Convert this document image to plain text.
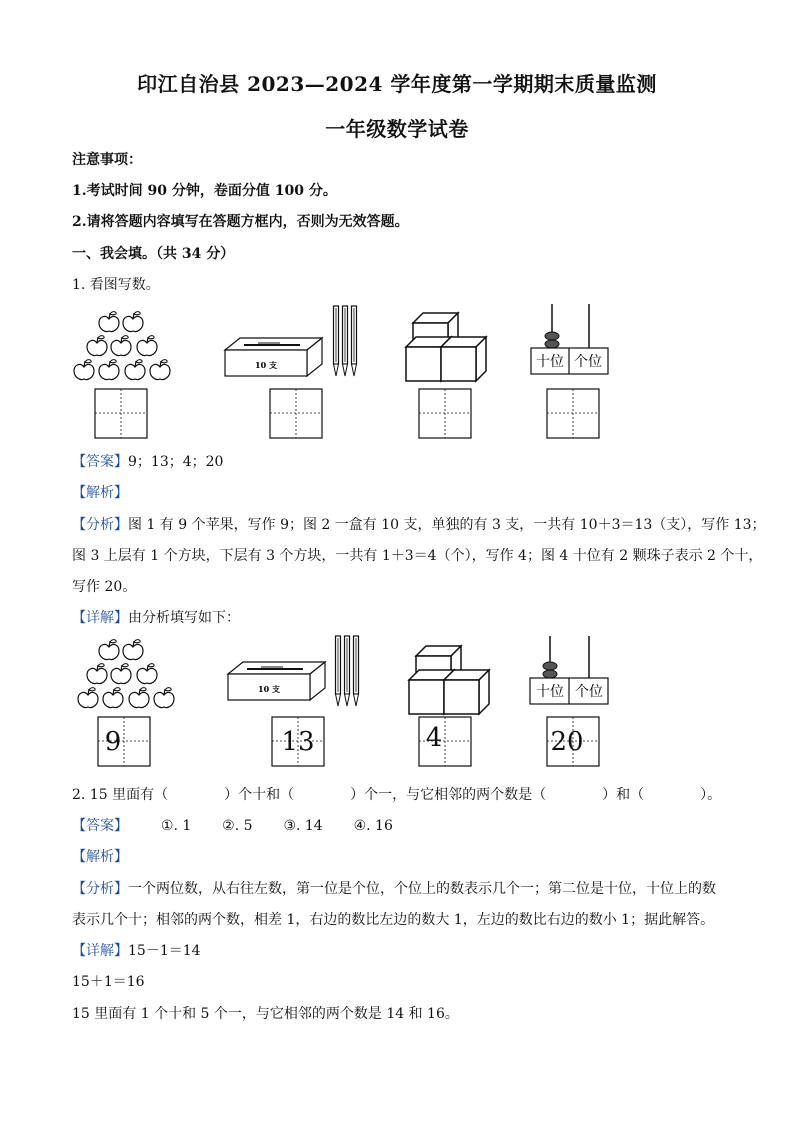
印江自治县 2023—2024 学年度第一学期期末质量监测
一年级数学试卷
注意事项：
1.考试时间 90 分钟，卷面分值 100 分。
2.请将答题内容填写在答题方框内，否则为无效答题。
一、我会填。（共 34 分）
1. 看图写数。
10 支	十位 个位
【答案】9；13；4；20
【解析】
【分析】图 1 有 9 个苹果，写作 9；图 2 一盒有 10 支，单独的有 3 支，一共有 10＋3＝13（支），写作 13；
图 3 上层有 1 个方块，下层有 3 个方块，一共有 1＋3＝4（个），写作 4；图 4 十位有 2 颗珠子表示 2 个十，
写作 20。
【详解】由分析填写如下：
10 支	十位 个位
9	13	4	20
2. 15 里面有（　　　　）个十和（　　　　）个一，与它相邻的两个数是（　　　　）和（　　　　）。
【答案】 ①. 1 ②. 5 ③. 14 ④. 16
【解析】
【分析】一个两位数，从右往左数，第一位是个位，个位上的数表示几个一；第二位是十位，十位上的数
表示几个十；相邻的两个数，相差 1，右边的数比左边的数大 1，左边的数比右边的数小 1；据此解答。
【详解】15－1＝14
15＋1＝16
15 里面有 1 个十和 5 个一，与它相邻的两个数是 14 和 16。
